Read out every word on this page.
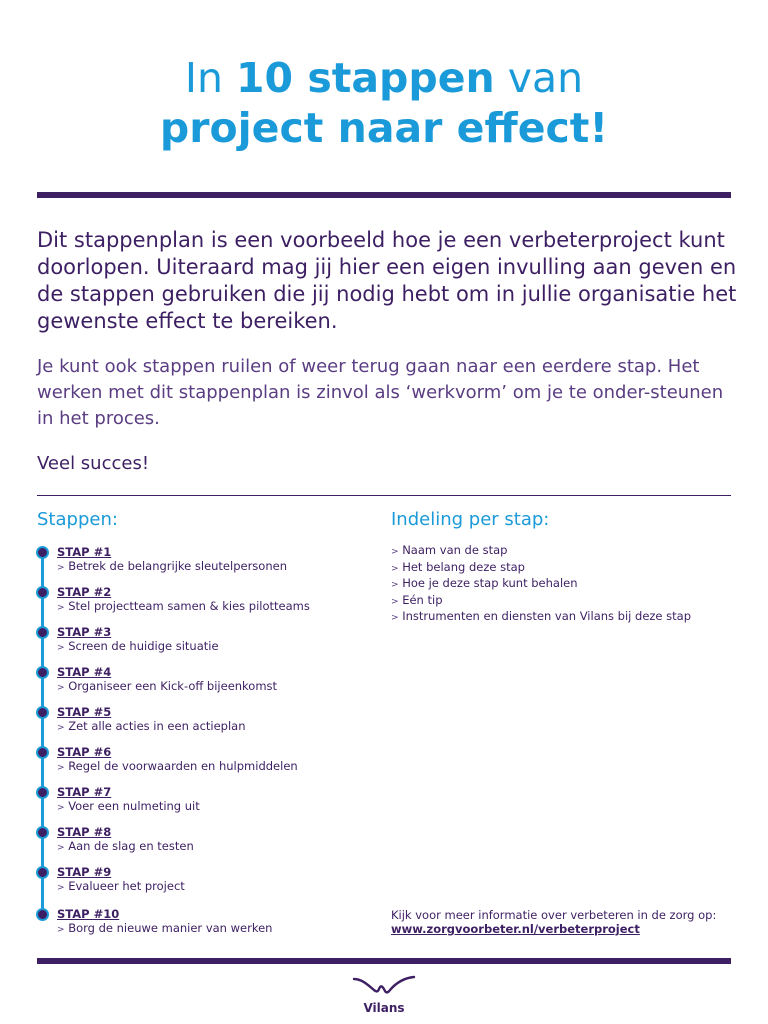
In 10 stappen van
project naar effect!

Dit stappenplan is een voorbeeld hoe je een verbeterproject kunt doorlopen. Uiteraard mag jij hier een eigen invulling aan geven en de stappen gebruiken die jij nodig hebt om in jullie organisatie het gewenste effect te bereiken.

Je kunt ook stappen ruilen of weer terug gaan naar een eerdere stap. Het werken met dit stappenplan is zinvol als ‘werkvorm’ om je te onder-steunen in het proces.

Veel succes!
Stappen:	Indeling per stap:
STAP #1
> Betrek de belangrijke sleutelpersonen
STAP #2
> Stel projectteam samen & kies pilotteams
STAP #3
> Screen de huidige situatie
STAP #4
> Organiseer een Kick-off bijeenkomst
STAP #5
> Zet alle acties in een actieplan
STAP #6
> Regel de voorwaarden en hulpmiddelen
STAP #7
> Voer een nulmeting uit
STAP #8
> Aan de slag en testen
STAP #9
> Evalueer het project
STAP #10
> Borg de nieuwe manier van werken
> Naam van de stap
> Het belang deze stap
> Hoe je deze stap kunt behalen
> Eén tip
> Instrumenten en diensten van Vilans bij deze stap
Kijk voor meer informatie over verbeteren in de zorg op:
www.zorgvoorbeter.nl/verbeterproject
Vilans
